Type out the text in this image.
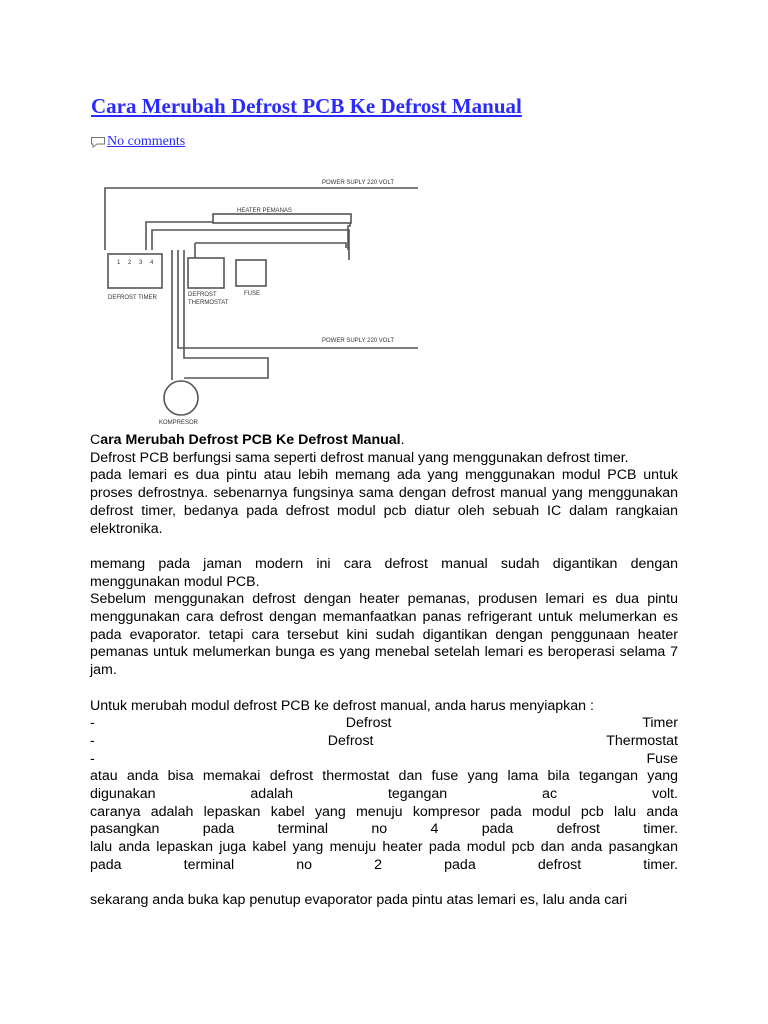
Cara Merubah Defrost PCB Ke Defrost Manual
No comments
POWER SUPLY 220 VOLT
HEATER PEMANAS
1 2 3 4
DEFROST TIMER	DEFROST
THERMOSTAT
FUSE
POWER SUPLY 220 VOLT
KOMPRESOR

Cara Merubah Defrost PCB Ke Defrost Manual.

Defrost PCB berfungsi sama seperti defrost manual yang menggunakan defrost timer.

pada lemari es dua pintu atau lebih memang ada yang menggunakan modul PCB untuk proses defrostnya. sebenarnya fungsinya sama dengan defrost manual yang menggunakan defrost timer, bedanya pada defrost modul pcb diatur oleh sebuah IC dalam rangkaian elektronika.

memang pada jaman modern ini cara defrost manual sudah digantikan dengan menggunakan modul PCB.

Sebelum menggunakan defrost dengan heater pemanas, produsen lemari es dua pintu menggunakan cara defrost dengan memanfaatkan panas refrigerant untuk melumerkan es pada evaporator. tetapi cara tersebut kini sudah digantikan dengan penggunaan heater pemanas untuk melumerkan bunga es yang menebal setelah lemari es beroperasi selama 7 jam.

Untuk merubah modul defrost PCB ke defrost manual, anda harus menyiapkan :

- Defrost Timer

- Defrost Thermostat

- Fuse

atau anda bisa memakai defrost thermostat dan fuse yang lama bila tegangan yang digunakan adalah tegangan ac volt.

caranya adalah lepaskan kabel yang menuju kompresor pada modul pcb lalu anda pasangkan pada terminal no 4 pada defrost timer.

lalu anda lepaskan juga kabel yang menuju heater pada modul pcb dan anda pasangkan pada terminal no 2 pada defrost timer.

sekarang anda buka kap penutup evaporator pada pintu atas lemari es, lalu anda cari
